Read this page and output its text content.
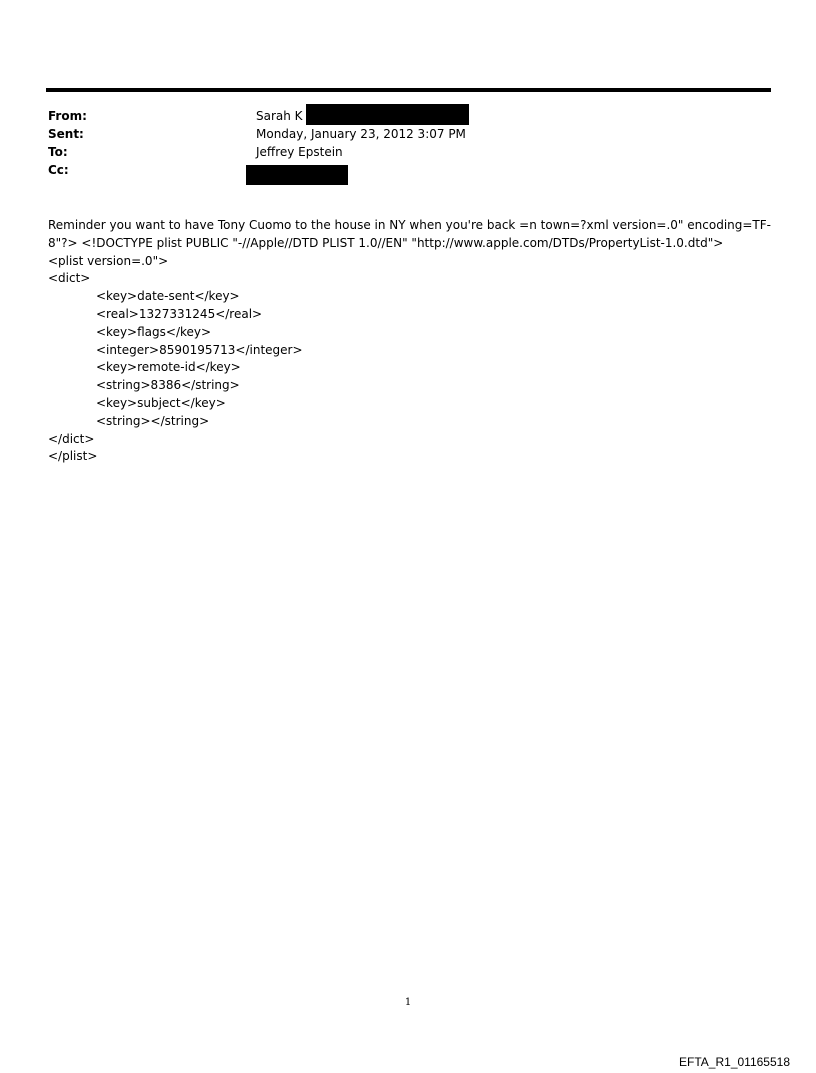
From:	Sarah K
Sent:	Monday, January 23, 2012 3:07 PM
To:	Jeffrey Epstein
Cc:
Reminder you want to have Tony Cuomo to the house in NY when you're back =n town=?xml version=.0" encoding=TF-
8"?> <!DOCTYPE plist PUBLIC "-//Apple//DTD PLIST 1.0//EN" "http://www.apple.com/DTDs/PropertyList-1.0.dtd">
<plist version=.0">
<dict>
<key>date-sent</key>
<real>1327331245</real>
<key>flags</key>
<integer>8590195713</integer>
<key>remote-id</key>
<string>8386</string>
<key>subject</key>
<string></string>
</dict>
</plist>
1
EFTA_R1_01165518
